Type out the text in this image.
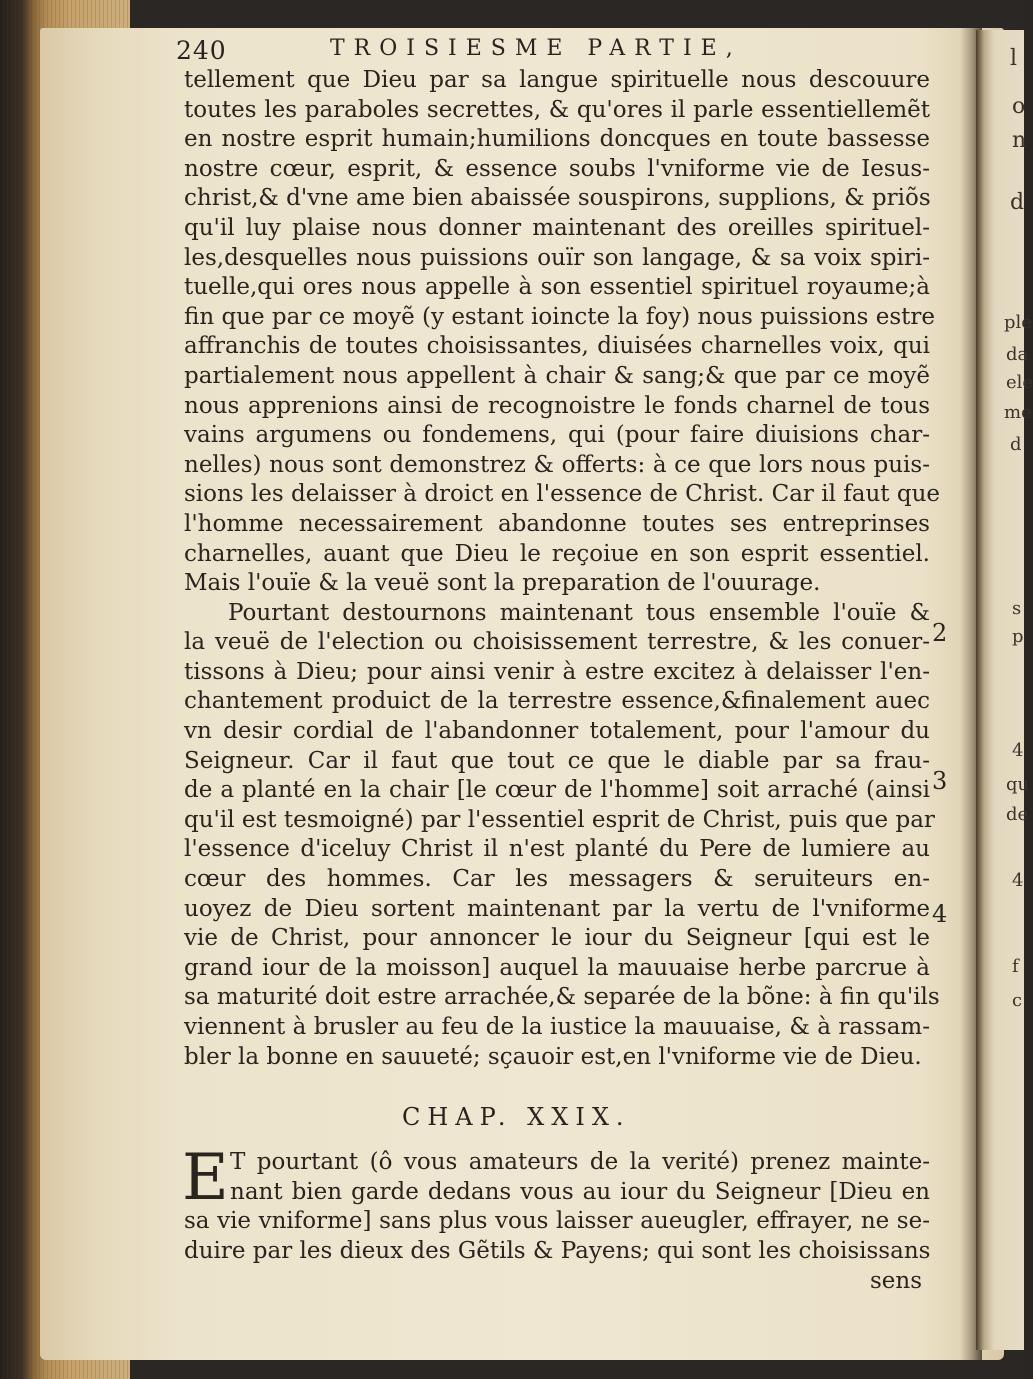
l
o
n
d
ple
da
ele
me
d
s
p
4
qu
de
4
f
c
2
3
4
240	TROISIESME PARTIE,
tellement que Dieu par sa langue spirituelle nous descouure
toutes les paraboles secrettes, & qu'ores il parle essentiellemẽt
en nostre esprit humain;humilions doncques en toute bassesse
nostre cœur, esprit, & essence soubs l'vniforme vie de Iesus-
christ,& d'vne ame bien abaissée souspirons, supplions, & priõs
qu'il luy plaise nous donner maintenant des oreilles spirituel-
les,desquelles nous puissions ouïr son langage, & sa voix spiri-
tuelle,qui ores nous appelle à son essentiel spirituel royaume;à
fin que par ce moyẽ (y estant ioincte la foy) nous puissions estre
affranchis de toutes choisissantes, diuisées charnelles voix, qui
partialement nous appellent à chair & sang;& que par ce moyẽ
nous apprenions ainsi de recognoistre le fonds charnel de tous
vains argumens ou fondemens, qui (pour faire diuisions char-
nelles) nous sont demonstrez & offerts: à ce que lors nous puis-
sions les delaisser à droict en l'essence de Christ. Car il faut que
l'homme necessairement abandonne toutes ses entreprinses
charnelles, auant que Dieu le reçoiue en son esprit essentiel.
Mais l'ouïe & la veuë sont la preparation de l'ouurage.
Pourtant destournons maintenant tous ensemble l'ouïe &
la veuë de l'election ou choisissement terrestre, & les conuer-
tissons à Dieu; pour ainsi venir à estre excitez à delaisser l'en-
chantement produict de la terrestre essence,&finalement auec
vn desir cordial de l'abandonner totalement, pour l'amour du
Seigneur. Car il faut que tout ce que le diable par sa frau-
de a planté en la chair [le cœur de l'homme] soit arraché (ainsi
qu'il est tesmoigné) par l'essentiel esprit de Christ, puis que par
l'essence d'iceluy Christ il n'est planté du Pere de lumiere au
cœur des hommes. Car les messagers & seruiteurs en-
uoyez de Dieu sortent maintenant par la vertu de l'vniforme
vie de Christ, pour annoncer le iour du Seigneur [qui est le
grand iour de la moisson] auquel la mauuaise herbe parcrue à
sa maturité doit estre arrachée,& separée de la bõne: à fin qu'ils
viennent à brusler au feu de la iustice la mauuaise, & à rassam-
bler la bonne en sauueté; sçauoir est,en l'vniforme vie de Dieu.
CHAP. XXIX.
E T pourtant (ô vous amateurs de la verité) prenez mainte-
nant bien garde dedans vous au iour du Seigneur [Dieu en
sa vie vniforme] sans plus vous laisser aueugler, effrayer, ne se-
duire par les dieux des Gẽtils & Payens; qui sont les choisissans
sens
